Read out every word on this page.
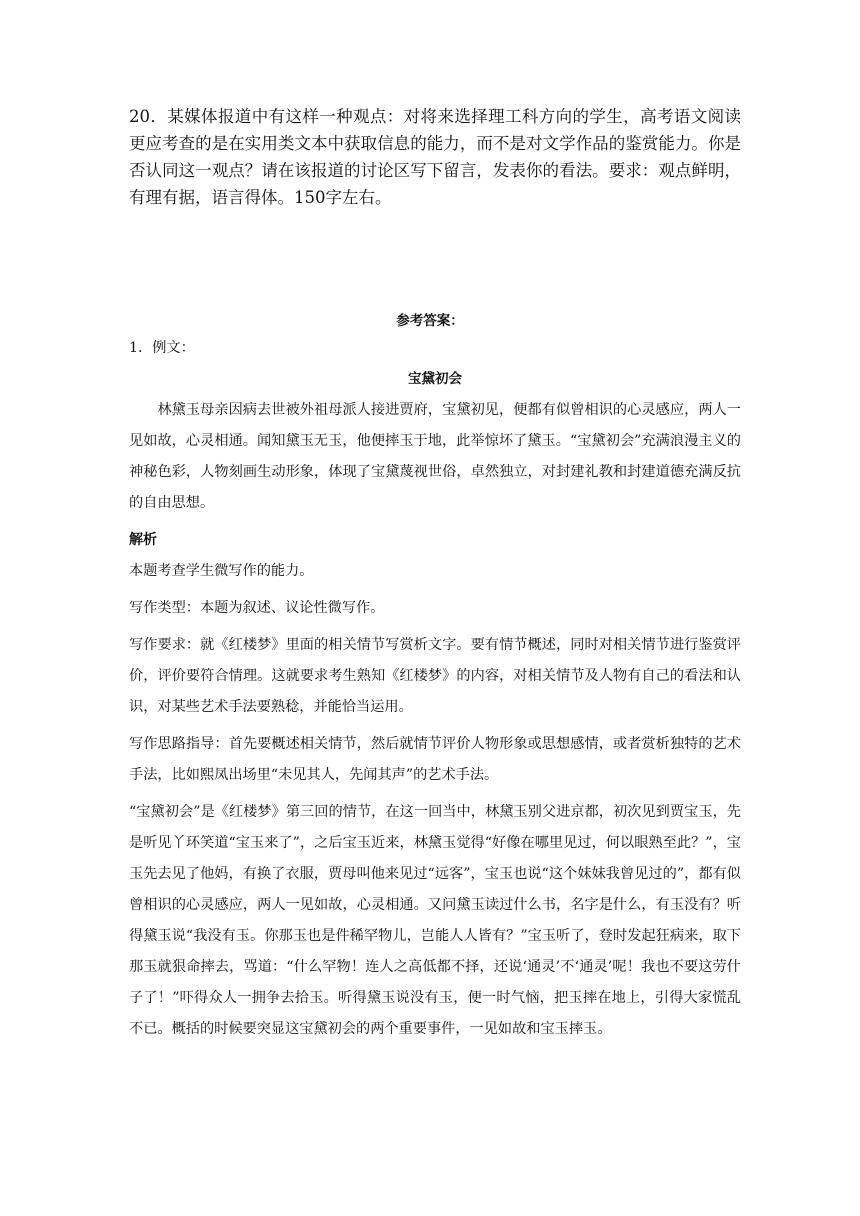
20．某媒体报道中有这样一种观点：对将来选择理工科方向的学生，高考语文阅读更应考查的是在实用类文本中获取信息的能力，而不是对文学作品的鉴赏能力。你是否认同这一观点？请在该报道的讨论区写下留言，发表你的看法。要求：观点鲜明，有理有据，语言得体。150字左右。

参考答案：

1．例文：

宝黛初会

林黛玉母亲因病去世被外祖母派人接进贾府，宝黛初见，便都有似曾相识的心灵感应，两人一见如故，心灵相通。闻知黛玉无玉，他便摔玉于地，此举惊坏了黛玉。“宝黛初会”充满浪漫主义的神秘色彩，人物刻画生动形象，体现了宝黛蔑视世俗，卓然独立，对封建礼教和封建道德充满反抗的自由思想。

解析

本题考查学生微写作的能力。

写作类型：本题为叙述、议论性微写作。

写作要求：就《红楼梦》里面的相关情节写赏析文字。要有情节概述，同时对相关情节进行鉴赏评价，评价要符合情理。这就要求考生熟知《红楼梦》的内容，对相关情节及人物有自己的看法和认识，对某些艺术手法要熟稔，并能恰当运用。

写作思路指导：首先要概述相关情节，然后就情节评价人物形象或思想感情，或者赏析独特的艺术手法，比如熙凤出场里“未见其人，先闻其声”的艺术手法。

“宝黛初会”是《红楼梦》第三回的情节，在这一回当中，林黛玉别父进京都，初次见到贾宝玉，先是听见丫环笑道“宝玉来了”，之后宝玉近来，林黛玉觉得“好像在哪里见过，何以眼熟至此？”，宝玉先去见了他妈，有换了衣服，贾母叫他来见过“远客”，宝玉也说“这个妹妹我曾见过的”，都有似曾相识的心灵感应，两人一见如故，心灵相通。又问黛玉读过什么书，名字是什么，有玉没有？听得黛玉说“我没有玉。你那玉也是件稀罕物儿，岂能人人皆有？”宝玉听了，登时发起狂病来，取下那玉就狠命摔去，骂道：“什么罕物！连人之高低都不择，还说‘通灵’不‘通灵’呢！我也不要这劳什子了！”吓得众人一拥争去拾玉。听得黛玉说没有玉，便一时气恼，把玉摔在地上，引得大家慌乱不已。概括的时候要突显这宝黛初会的两个重要事件，一见如故和宝玉摔玉。
